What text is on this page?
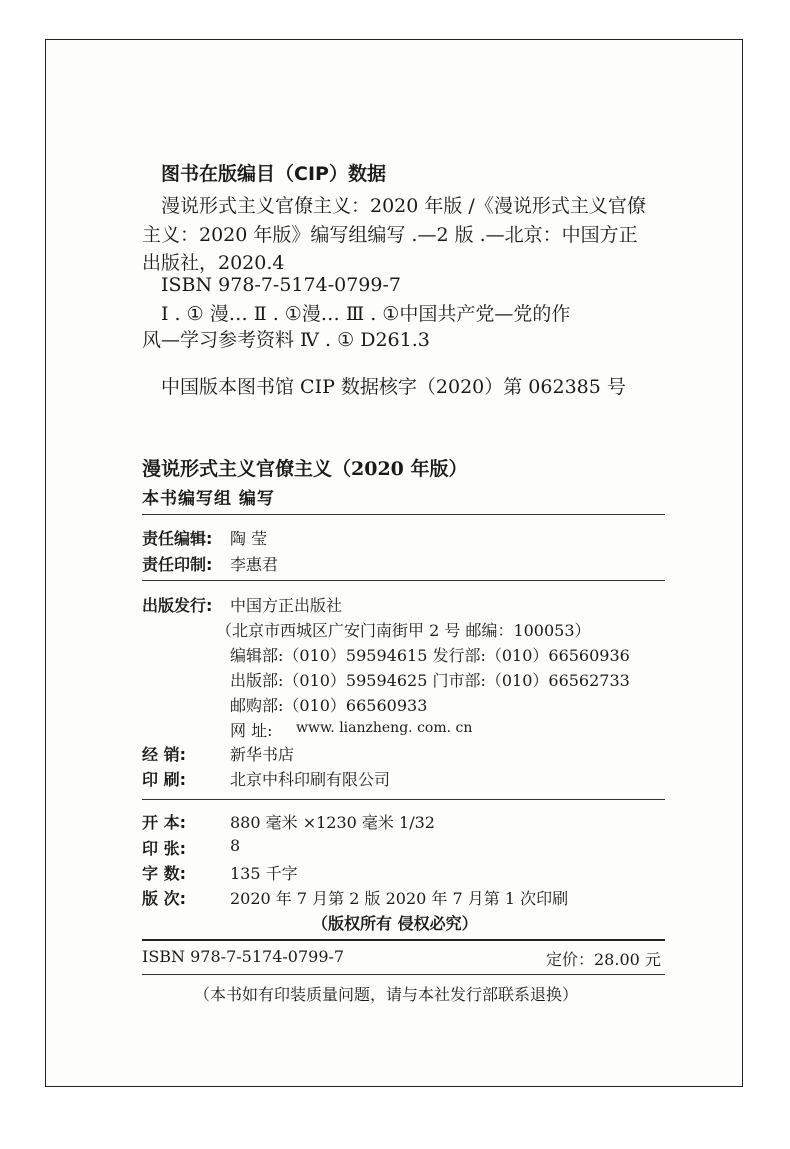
图书在版编目（CIP）数据
漫说形式主义官僚主义：2020 年版 /《漫说形式主义官僚
主义：2020 年版》编写组编写 .—2 版 .—北京：中国方正
出版社，2020.4
ISBN 978-7-5174-0799-7
Ⅰ . ① 漫… Ⅱ . ①漫… Ⅲ . ①中国共产党—党的作
风—学习参考资料 Ⅳ . ① D261.3
中国版本图书馆 CIP 数据核字（2020）第 062385 号
漫说形式主义官僚主义（2020 年版）
本书编写组 编写
责任编辑: 陶 莹
责任印制: 李惠君
出版发行: 中国方正出版社
（北京市西城区广安门南街甲 2 号 邮编：100053）
编辑部:（010）59594615 发行部:（010）66560936
出版部:（010）59594625 门市部:（010）66562733
邮购部:（010）66560933
网 址: www. lianzheng. com. cn
经 销:	新华书店
印 刷:	北京中科印刷有限公司
开 本:	880 毫米 ×1230 毫米 1/32
印 张:	8
字 数:	135 千字
版 次:	2020 年 7 月第 2 版 2020 年 7 月第 1 次印刷
（版权所有 侵权必究）
ISBN 978-7-5174-0799-7	定价：28.00 元
（本书如有印装质量问题，请与本社发行部联系退换）
